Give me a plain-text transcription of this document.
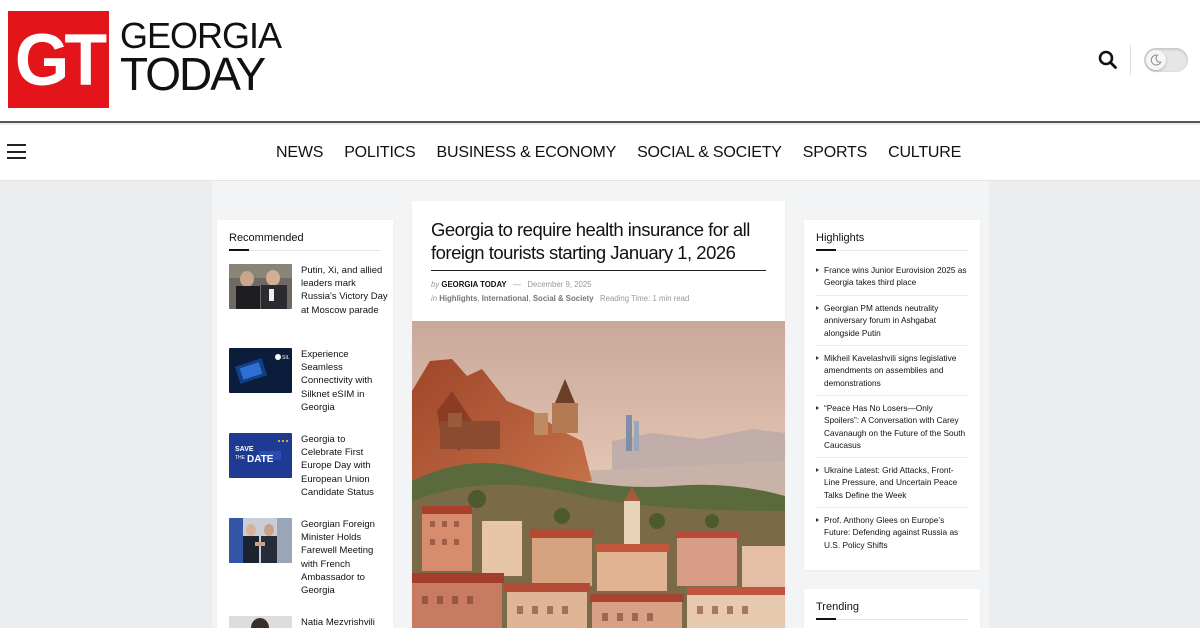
GT GEORGIA
TODAY
NEWS POLITICS BUSINESS & ECONOMY SOCIAL & SOCIETY SPORTS CULTURE
Recommended
Putin, Xi, and allied leaders mark Russia's Victory Day at Moscow parade
SIL Experience Seamless Connectivity with Silknet eSIM in Georgia
SAVE
THE DATE
Georgia to Celebrate First Europe Day with European Union Candidate Status
Georgian Foreign Minister Holds Farewell Meeting with French Ambassador to Georgia
Natia Mezvrishvili
Georgia to require health insurance for all foreign tourists starting January 1, 2026
by GEORGIA TODAY — December 9, 2025
in Highlights, International, Social & Society Reading Time: 1 min read
Highlights
France wins Junior Eurovision 2025 as Georgia takes third place
Georgian PM attends neutrality anniversary forum in Ashgabat alongside Putin
Mikheil Kavelashvili signs legislative amendments on assemblies and demonstrations
“Peace Has No Losers—Only Spoilers”: A Conversation with Carey Cavanaugh on the Future of the South Caucasus
Ukraine Latest: Grid Attacks, Front-Line Pressure, and Uncertain Peace Talks Define the Week
Prof. Anthony Glees on Europe’s Future: Defending against Russia as U.S. Policy Shifts
Trending
